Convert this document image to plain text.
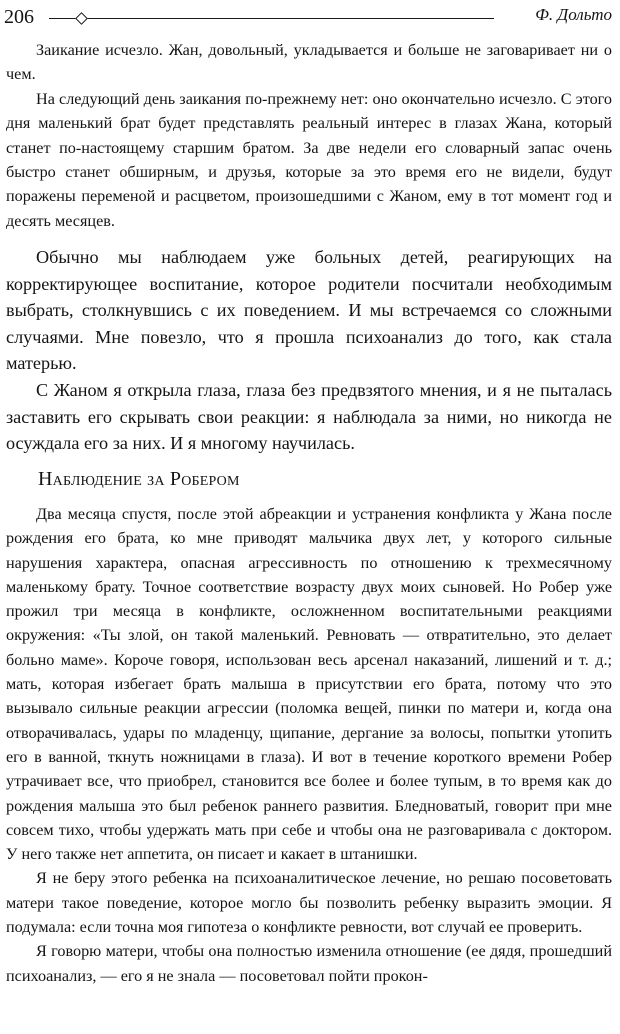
206	Ф. Дольто

Заикание исчезло. Жан, довольный, укладывается и больше не заговаривает ни о чем.

На следующий день заикания по-прежнему нет: оно окончательно исчезло. С этого дня маленький брат будет представлять реальный интерес в глазах Жана, который станет по-настоящему старшим братом. За две недели его словарный запас очень быстро станет обширным, и друзья, которые за это время его не видели, будут поражены переменой и расцветом, произошедшими с Жаном, ему в тот момент год и десять месяцев.

Обычно мы наблюдаем уже больных детей, реагирующих на корректирующее воспитание, которое родители посчитали необходимым выбрать, столкнувшись с их поведением. И мы встречаемся со сложными случаями. Мне повезло, что я прошла психоанализ до того, как стала матерью.

С Жаном я открыла глаза, глаза без предвзятого мнения, и я не пыталась заставить его скрывать свои реакции: я наблюдала за ними, но никогда не осуждала его за них. И я многому научилась.

Наблюдение за Робером

Два месяца спустя, после этой абреакции и устранения конфликта у Жана после рождения его брата, ко мне приводят мальчика двух лет, у которого сильные нарушения характера, опасная агрессивность по отношению к трехмесячному маленькому брату. Точное соответствие возрасту двух моих сыновей. Но Робер уже прожил три месяца в конфликте, осложненном воспитательными реакциями окружения: «Ты злой, он такой маленький. Ревновать — отвратительно, это делает больно маме». Короче говоря, использован весь арсенал наказаний, лишений и т. д.; мать, которая избегает брать малыша в присутствии его брата, потому что это вызывало сильные реакции агрессии (поломка вещей, пинки по матери и, когда она отворачивалась, удары по младенцу, щипание, дергание за волосы, попытки утопить его в ванной, ткнуть ножницами в глаза). И вот в течение короткого времени Робер утрачивает все, что приобрел, становится все более и более тупым, в то время как до рождения малыша это был ребенок раннего развития. Бледноватый, говорит при мне совсем тихо, чтобы удержать мать при себе и чтобы она не разговаривала с доктором. У него также нет аппетита, он писает и какает в штанишки.

Я не беру этого ребенка на психоаналитическое лечение, но решаю посоветовать матери такое поведение, которое могло бы позволить ребенку выразить эмоции. Я подумала: если точна моя гипотеза о конфликте ревности, вот случай ее проверить.

Я говорю матери, чтобы она полностью изменила отношение (ее дядя, прошедший психоанализ, — его я не знала — посоветовал пойти прокон-
